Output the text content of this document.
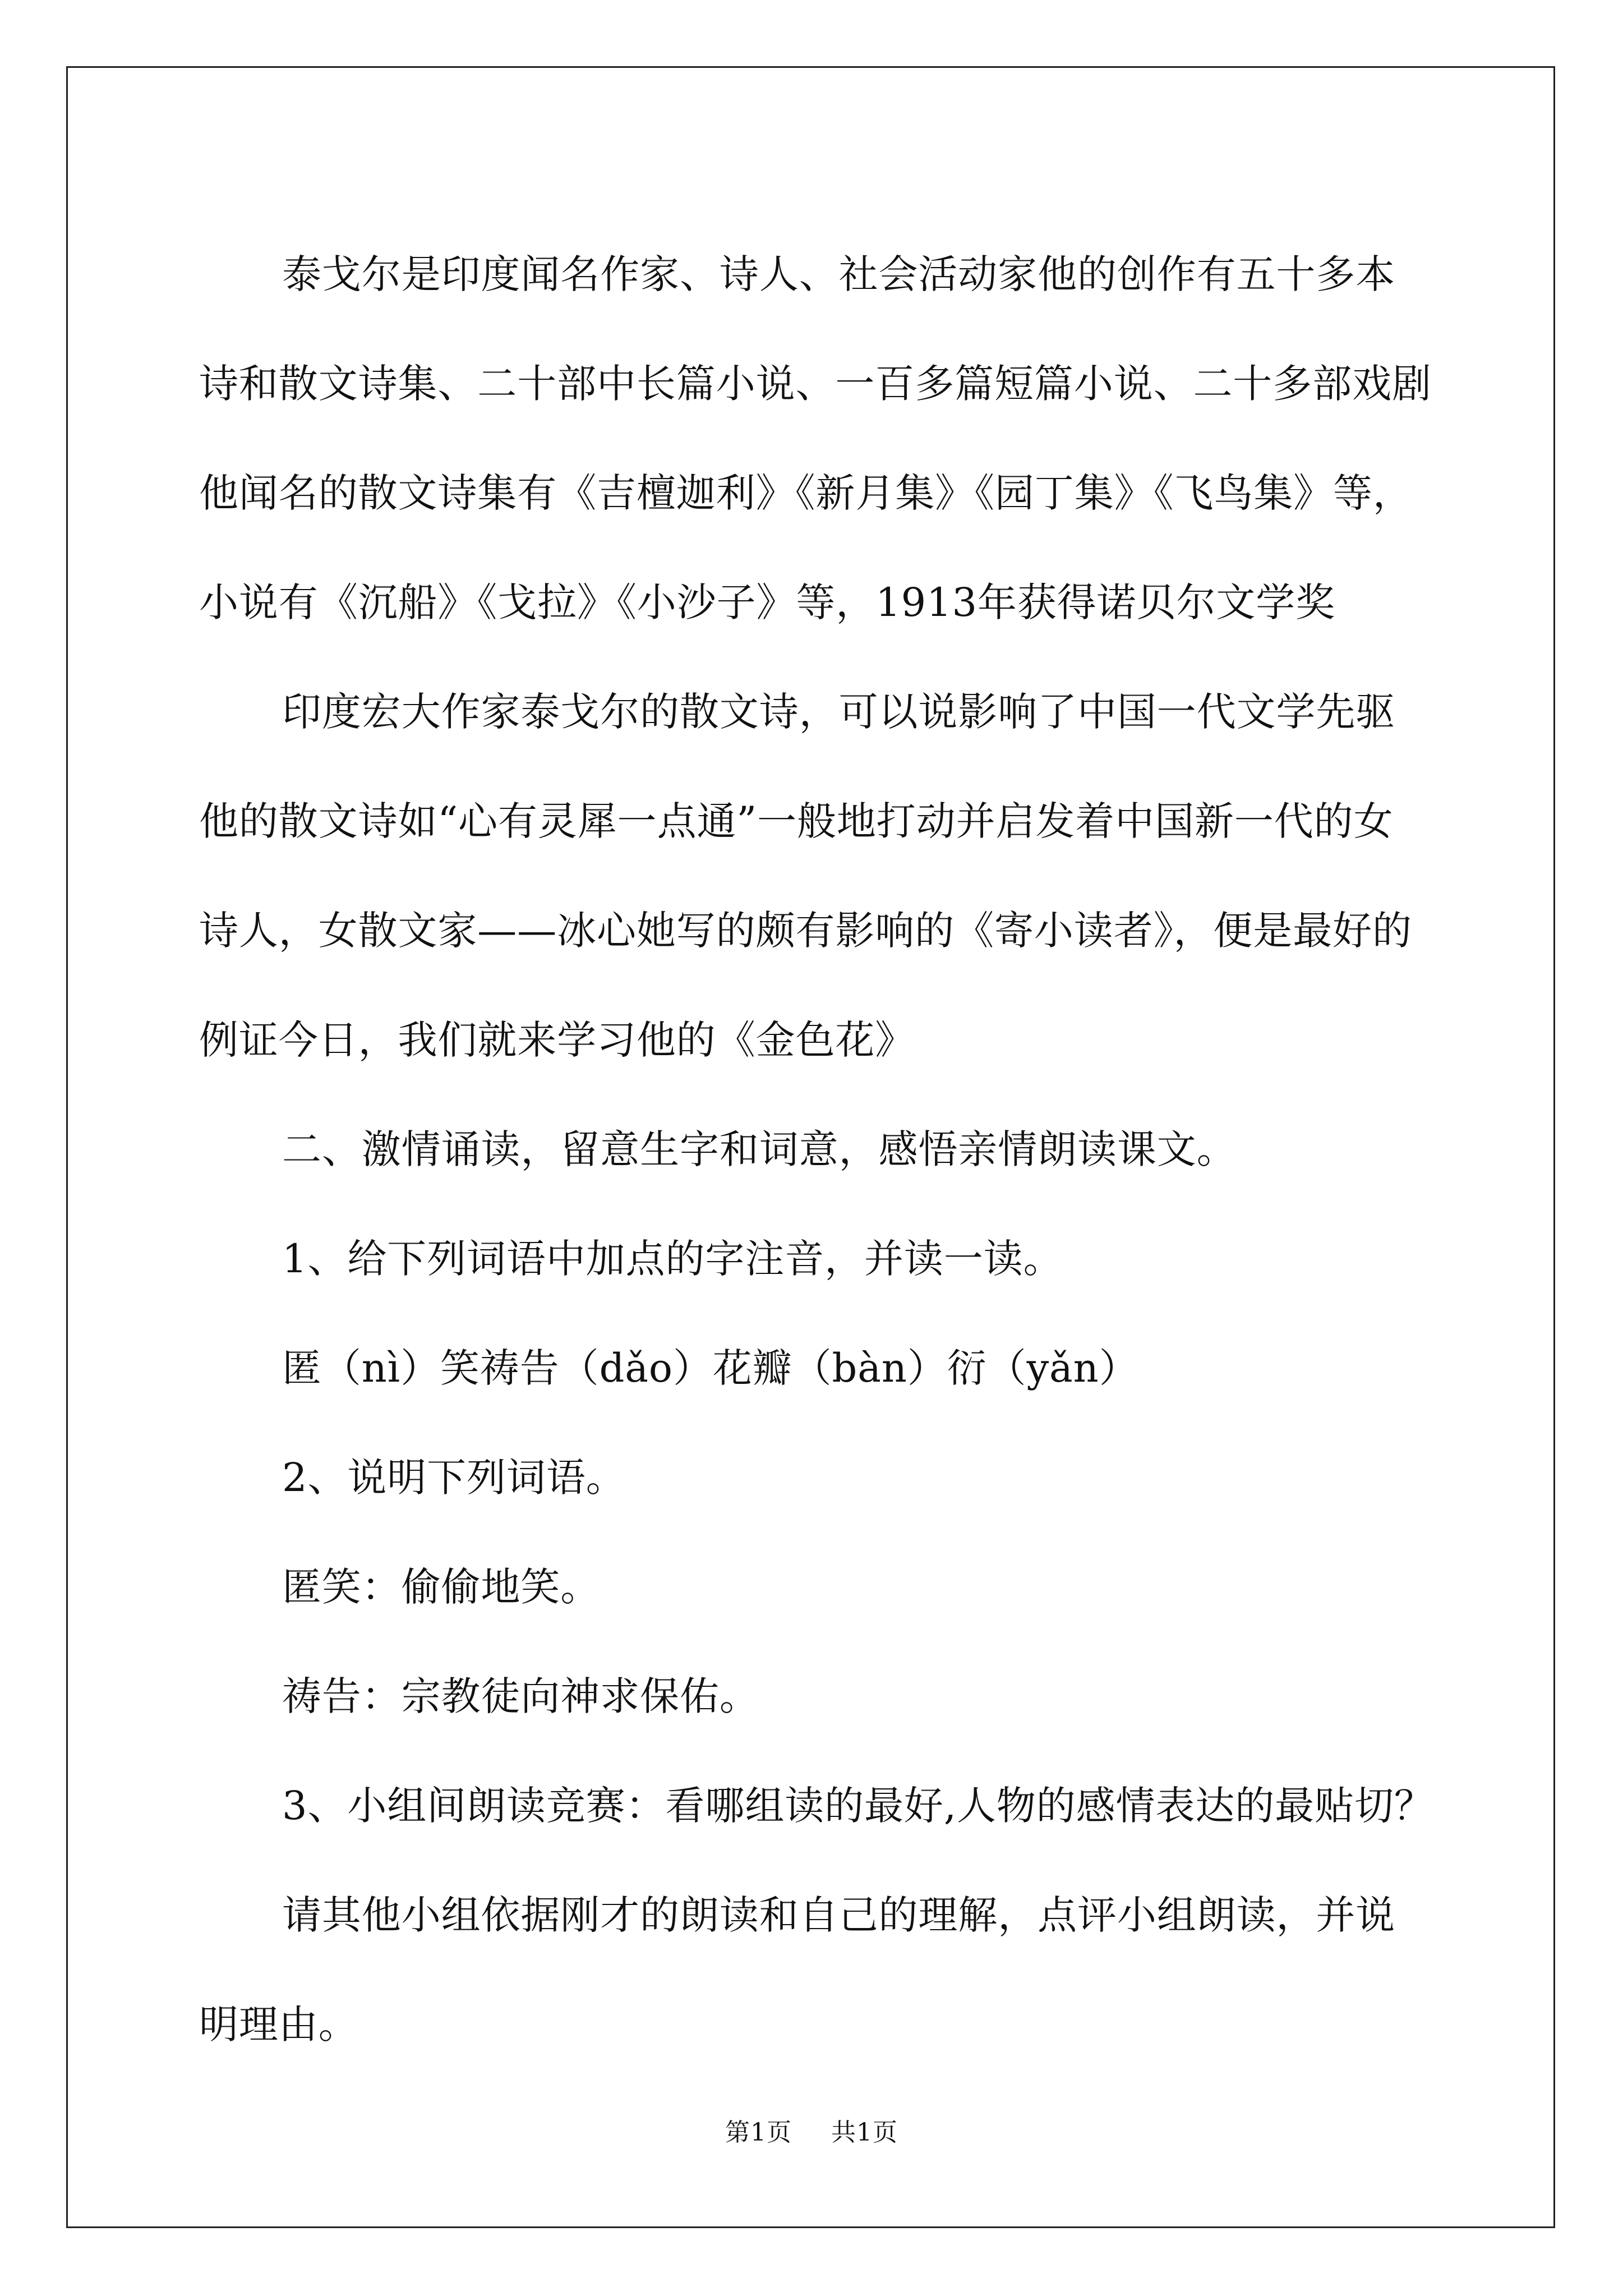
泰戈尔是印度闻名作家、诗人、社会活动家他的创作有五十多本诗和散文诗集、二十部中长篇小说、一百多篇短篇小说、二十多部戏剧他闻名的散文诗集有《吉檀迦利》《新月集》《园丁集》《飞鸟集》等，小说有《沉船》《戈拉》《小沙子》等，1913年获得诺贝尔文学奖

印度宏大作家泰戈尔的散文诗，可以说影响了中国一代文学先驱他的散文诗如“心有灵犀一点通”一般地打动并启发着中国新一代的女诗人，女散文家——冰心她写的颇有影响的《寄小读者》，便是最好的例证今日，我们就来学习他的《金色花》

二、激情诵读，留意生字和词意，感悟亲情朗读课文。

1、给下列词语中加点的字注音，并读一读。

匿（nì）笑祷告（dǎo）花瓣（bàn）衍（yǎn）

2、说明下列词语。

匿笑：偷偷地笑。

祷告：宗教徒向神求保佑。

3、小组间朗读竞赛：看哪组读的最好,人物的感情表达的最贴切？

请其他小组依据刚才的朗读和自己的理解，点评小组朗读，并说明理由。

第1页 共1页
